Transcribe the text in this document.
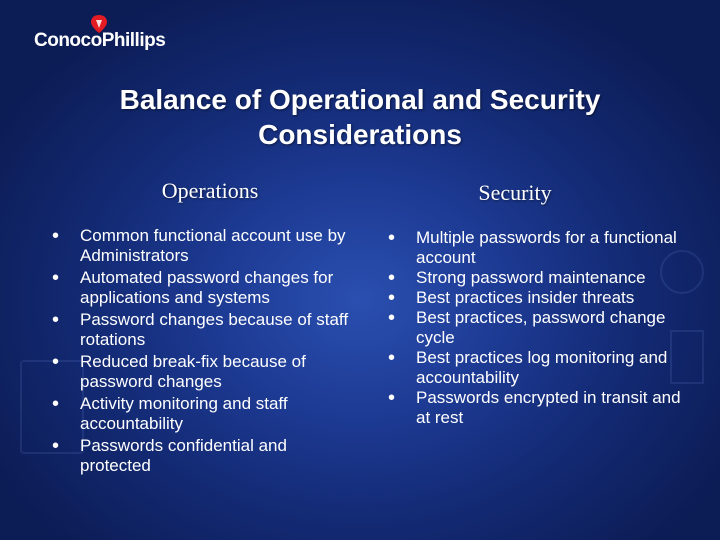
ConocoPhillips
Balance of Operational and Security Considerations
Operations	Security
• Common functional account use by Administrators
• Automated password changes for applications and systems
• Password changes because of staff rotations
• Reduced break-fix because of password changes
• Activity monitoring and staff accountability
• Passwords confidential and protected
• Multiple passwords for a functional account
• Strong password maintenance
• Best practices insider threats
• Best practices, password change cycle
• Best practices log monitoring and accountability
• Passwords encrypted in transit and at rest
